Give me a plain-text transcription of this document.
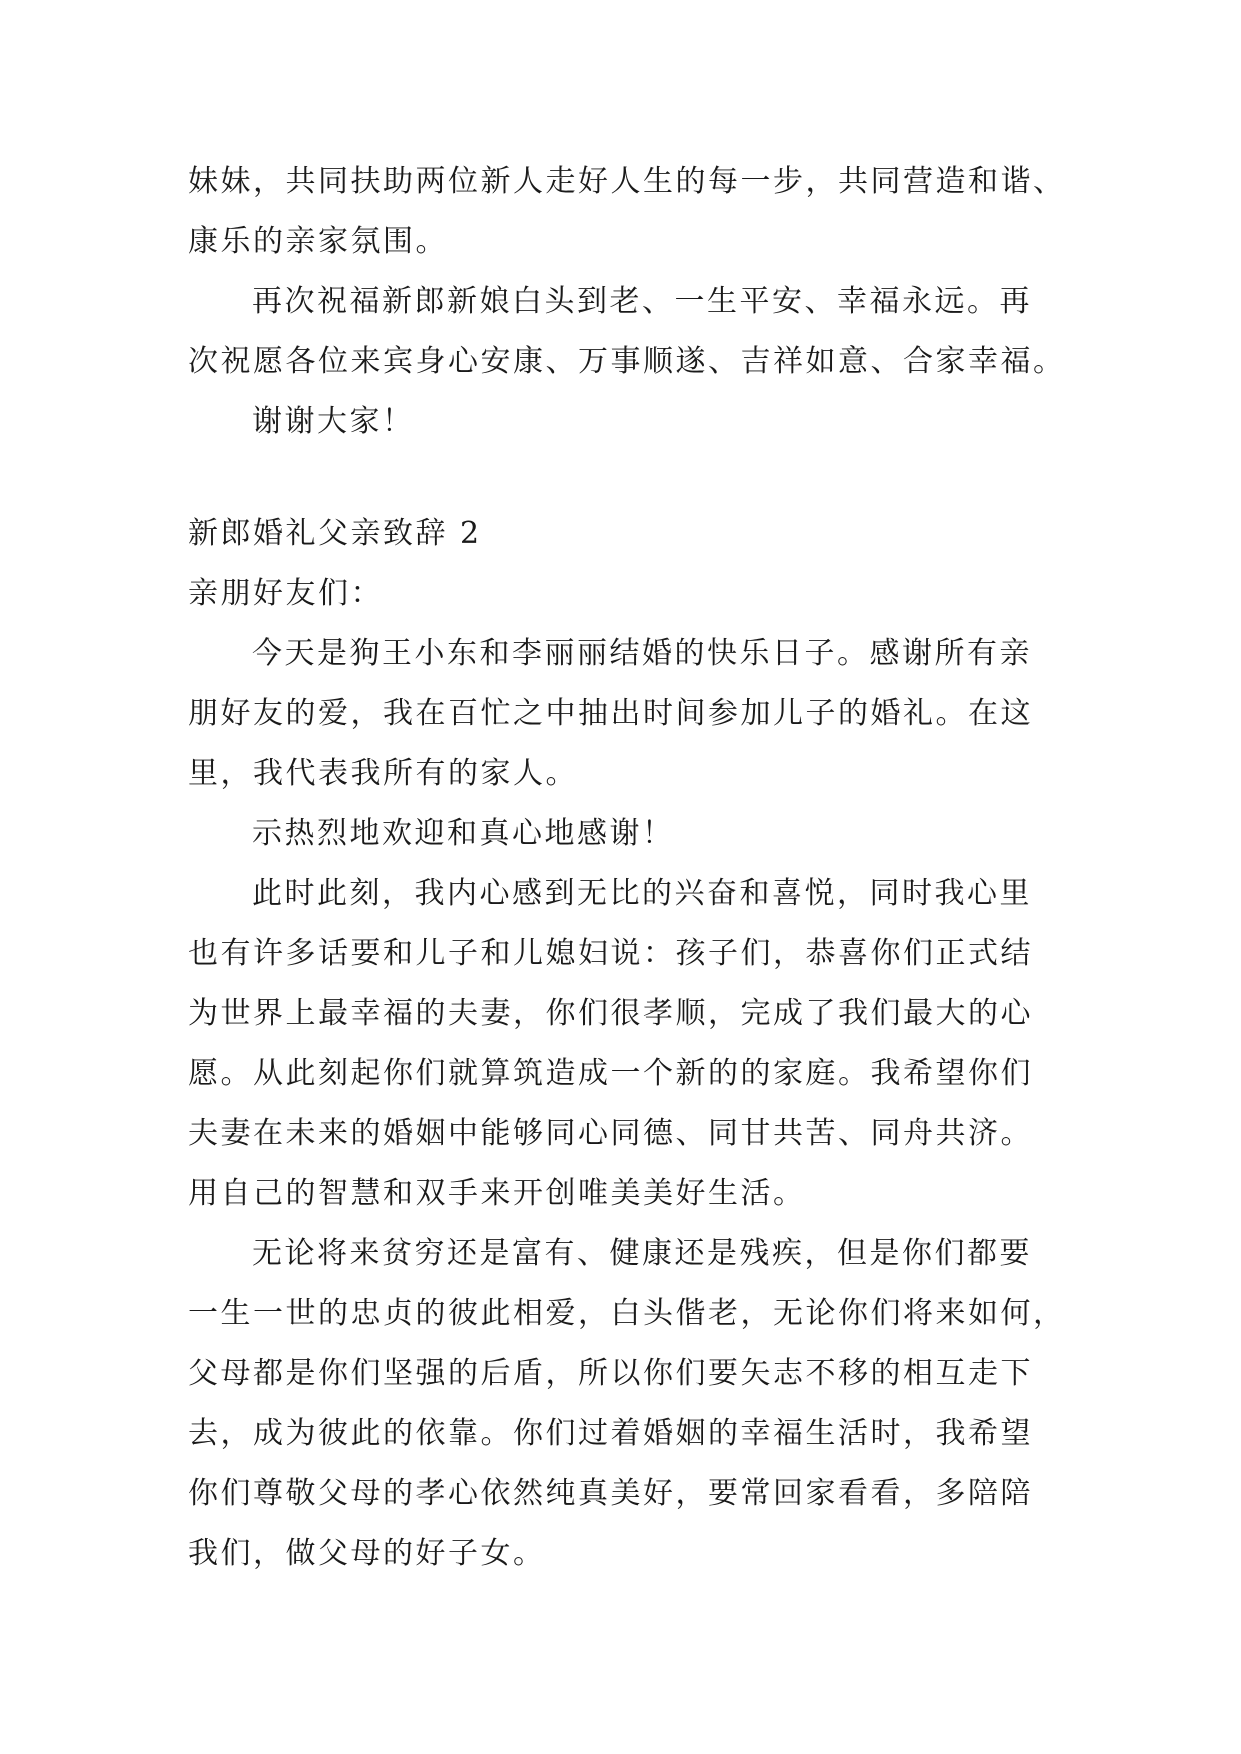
妹妹，共同扶助两位新人走好人生的每一步，共同营造和谐、
康乐的亲家氛围。
再次祝福新郎新娘白头到老、一生平安、幸福永远。再
次祝愿各位来宾身心安康、万事顺遂、吉祥如意、合家幸福。
谢谢大家！
新郎婚礼父亲致辞 2
亲朋好友们：
今天是狗王小东和李丽丽结婚的快乐日子。感谢所有亲
朋好友的爱，我在百忙之中抽出时间参加儿子的婚礼。在这
里，我代表我所有的家人。
示热烈地欢迎和真心地感谢！
此时此刻，我内心感到无比的兴奋和喜悦，同时我心里
也有许多话要和儿子和儿媳妇说：孩子们，恭喜你们正式结
为世界上最幸福的夫妻，你们很孝顺，完成了我们最大的心
愿。从此刻起你们就算筑造成一个新的的家庭。我希望你们
夫妻在未来的婚姻中能够同心同德、同甘共苦、同舟共济。
用自己的智慧和双手来开创唯美美好生活。
无论将来贫穷还是富有、健康还是残疾，但是你们都要
一生一世的忠贞的彼此相爱，白头偕老，无论你们将来如何，
父母都是你们坚强的后盾，所以你们要矢志不移的相互走下
去，成为彼此的依靠。你们过着婚姻的幸福生活时，我希望
你们尊敬父母的孝心依然纯真美好，要常回家看看，多陪陪
我们，做父母的好子女。
